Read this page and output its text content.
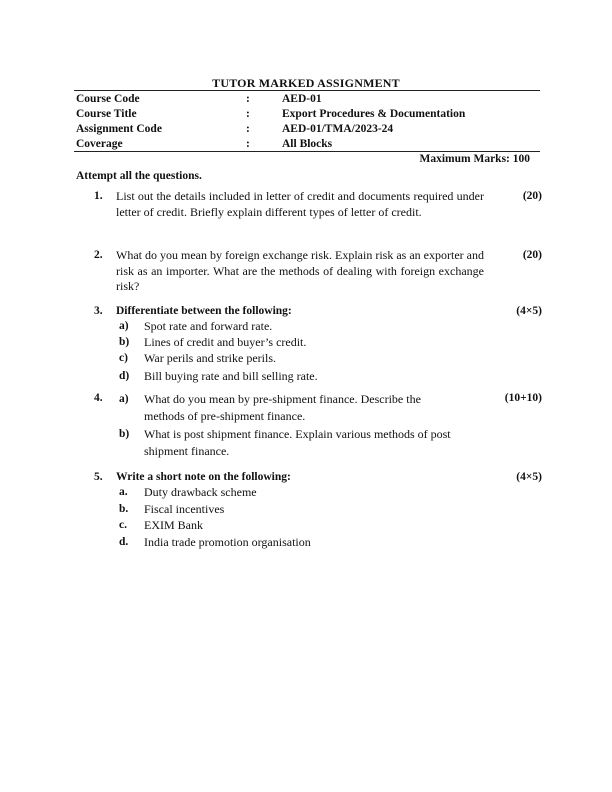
TUTOR MARKED ASSIGNMENT
Course Code	:	AED-01
Course Title	:	Export Procedures & Documentation
Assignment Code	:	AED-01/TMA/2023-24
Coverage	:	All Blocks
Maximum Marks: 100
Attempt all the questions.
1. List out the details included in letter of credit and documents required under letter of credit. Briefly explain different types of letter of credit.
(20)
2. What do you mean by foreign exchange risk. Explain risk as an exporter and risk as an importer. What are the methods of dealing with foreign exchange risk?
(20)
3. Differentiate between the following:	(4×5)
a) Spot rate and forward rate.
b) Lines of credit and buyer’s credit.
c) War perils and strike perils.
d) Bill buying rate and bill selling rate.
4.	(10+10)
a) What do you mean by pre-shipment finance. Describe the methods of pre-shipment finance.
b) What is post shipment finance. Explain various methods of post shipment finance.
5. Write a short note on the following:	(4×5)
a. Duty drawback scheme
b. Fiscal incentives
c. EXIM Bank
d. India trade promotion organisation
